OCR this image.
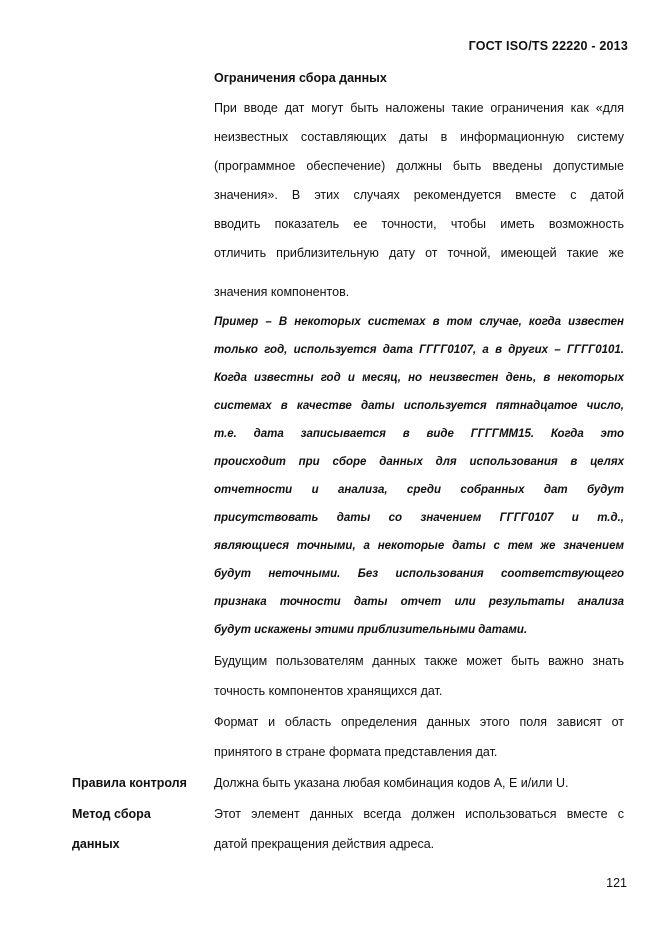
ГОСТ ISO/TS 22220 - 2013
Ограничения сбора данных
При вводе дат могут быть наложены такие ограничения как «для
неизвестных составляющих даты в информационную систему
(программное обеспечение) должны быть введены допустимые
значения». В этих случаях рекомендуется вместе с датой
вводить показатель ее точности, чтобы иметь возможность
отличить приблизительную дату от точной, имеющей такие же
значения компонентов.
Пример – В некоторых системах в том случае, когда известен
только год, используется дата ГГГГ0107, а в других – ГГГГ0101.
Когда известны год и месяц, но неизвестен день, в некоторых
системах в качестве даты используется пятнадцатое число,
т.е. дата записывается в виде ГГГГММ15. Когда это
происходит при сборе данных для использования в целях
отчетности и анализа, среди собранных дат будут
присутствовать даты со значением ГГГГ0107 и т.д.,
являющиеся точными, а некоторые даты с тем же значением
будут неточными. Без использования соответствующего
признака точности даты отчет или результаты анализа
будут искажены этими приблизительными датами.
Будущим пользователям данных также может быть важно знать
точность компонентов хранящихся дат.
Формат и область определения данных этого поля зависят от
принятого в стране формата представления дат.
Правила контроля Должна быть указана любая комбинация кодов A, E и/или U.
Метод сбора	Этот элемент данных всегда должен использоваться вместе с
данных	датой прекращения действия адреса.
121
